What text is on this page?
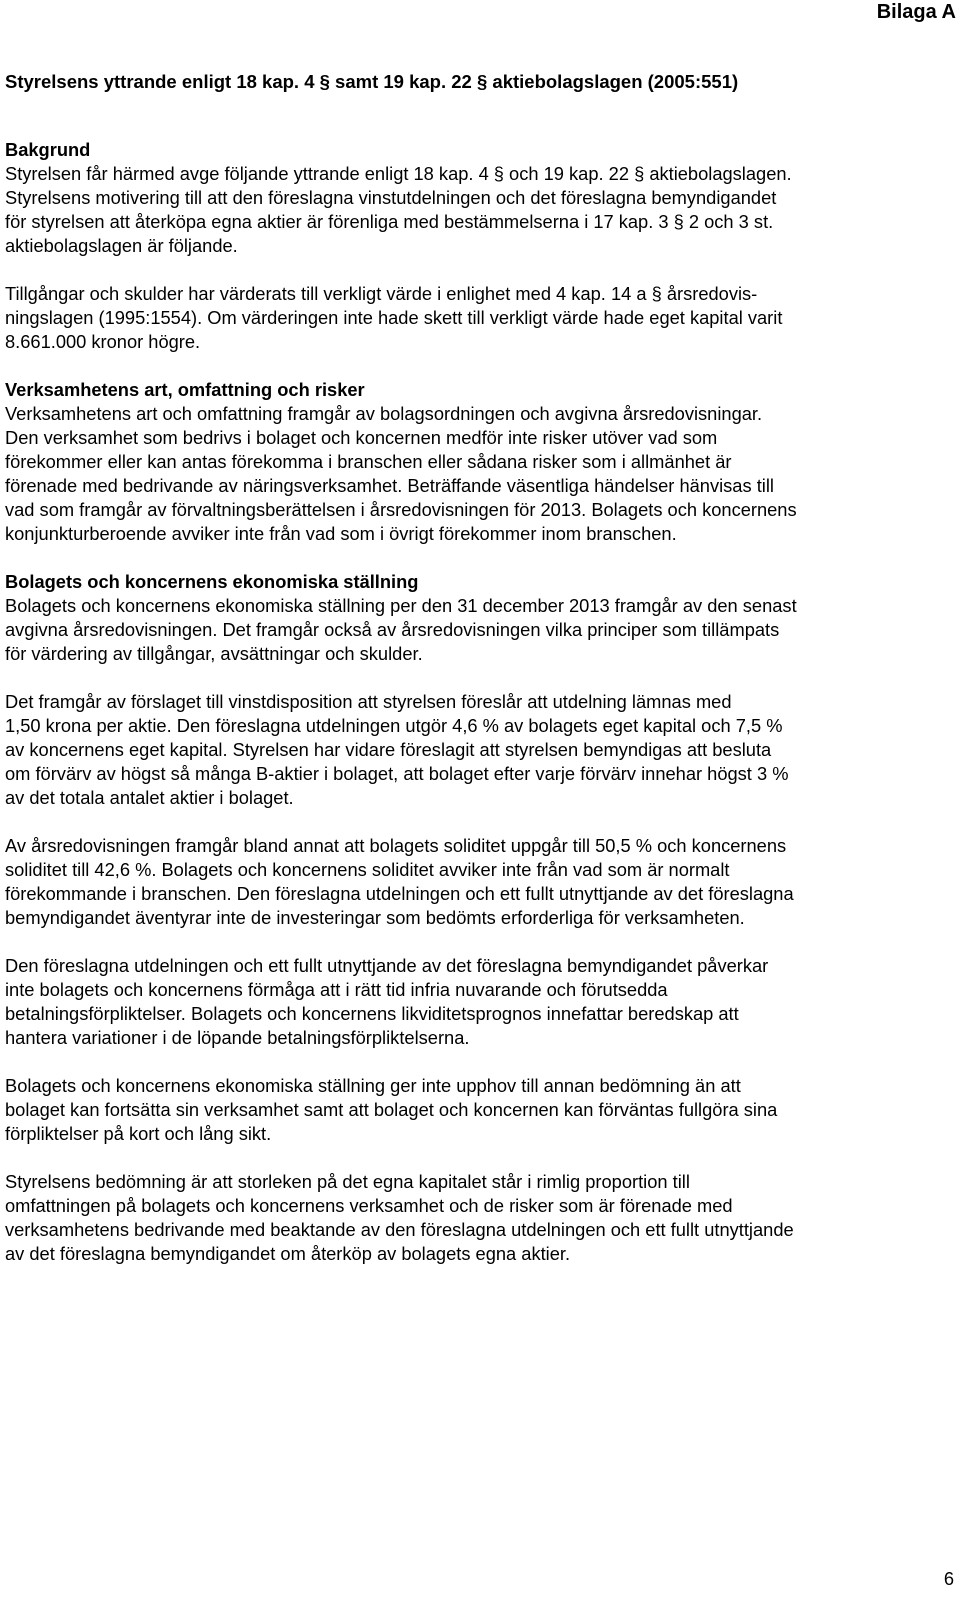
Bilaga A
Styrelsens yttrande enligt 18 kap. 4 § samt 19 kap. 22 § aktiebolagslagen (2005:551)
Bakgrund
Styrelsen får härmed avge följande yttrande enligt 18 kap. 4 § och 19 kap. 22 § aktiebolagslagen.
Styrelsens motivering till att den föreslagna vinstutdelningen och det föreslagna bemyndigandet
för styrelsen att återköpa egna aktier är förenliga med bestämmelserna i 17 kap. 3 § 2 och 3 st.
aktiebolagslagen är följande.
Tillgångar och skulder har värderats till verkligt värde i enlighet med 4 kap. 14 a § årsredovis-
ningslagen (1995:1554). Om värderingen inte hade skett till verkligt värde hade eget kapital varit
8.661.000 kronor högre.
Verksamhetens art, omfattning och risker
Verksamhetens art och omfattning framgår av bolagsordningen och avgivna årsredovisningar.
Den verksamhet som bedrivs i bolaget och koncernen medför inte risker utöver vad som
förekommer eller kan antas förekomma i branschen eller sådana risker som i allmänhet är
förenade med bedrivande av näringsverksamhet. Beträffande väsentliga händelser hänvisas till
vad som framgår av förvaltningsberättelsen i årsredovisningen för 2013. Bolagets och koncernens
konjunkturberoende avviker inte från vad som i övrigt förekommer inom branschen.
Bolagets och koncernens ekonomiska ställning
Bolagets och koncernens ekonomiska ställning per den 31 december 2013 framgår av den senast
avgivna årsredovisningen. Det framgår också av årsredovisningen vilka principer som tillämpats
för värdering av tillgångar, avsättningar och skulder.
Det framgår av förslaget till vinstdisposition att styrelsen föreslår att utdelning lämnas med
1,50 krona per aktie. Den föreslagna utdelningen utgör 4,6 % av bolagets eget kapital och 7,5 %
av koncernens eget kapital. Styrelsen har vidare föreslagit att styrelsen bemyndigas att besluta
om förvärv av högst så många B-aktier i bolaget, att bolaget efter varje förvärv innehar högst 3 %
av det totala antalet aktier i bolaget.
Av årsredovisningen framgår bland annat att bolagets soliditet uppgår till 50,5 % och koncernens
soliditet till 42,6 %. Bolagets och koncernens soliditet avviker inte från vad som är normalt
förekommande i branschen. Den föreslagna utdelningen och ett fullt utnyttjande av det föreslagna
bemyndigandet äventyrar inte de investeringar som bedömts erforderliga för verksamheten.
Den föreslagna utdelningen och ett fullt utnyttjande av det föreslagna bemyndigandet påverkar
inte bolagets och koncernens förmåga att i rätt tid infria nuvarande och förutsedda
betalningsförpliktelser. Bolagets och koncernens likviditetsprognos innefattar beredskap att
hantera variationer i de löpande betalningsförpliktelserna.
Bolagets och koncernens ekonomiska ställning ger inte upphov till annan bedömning än att
bolaget kan fortsätta sin verksamhet samt att bolaget och koncernen kan förväntas fullgöra sina
förpliktelser på kort och lång sikt.
Styrelsens bedömning är att storleken på det egna kapitalet står i rimlig proportion till
omfattningen på bolagets och koncernens verksamhet och de risker som är förenade med
verksamhetens bedrivande med beaktande av den föreslagna utdelningen och ett fullt utnyttjande
av det föreslagna bemyndigandet om återköp av bolagets egna aktier.
6
